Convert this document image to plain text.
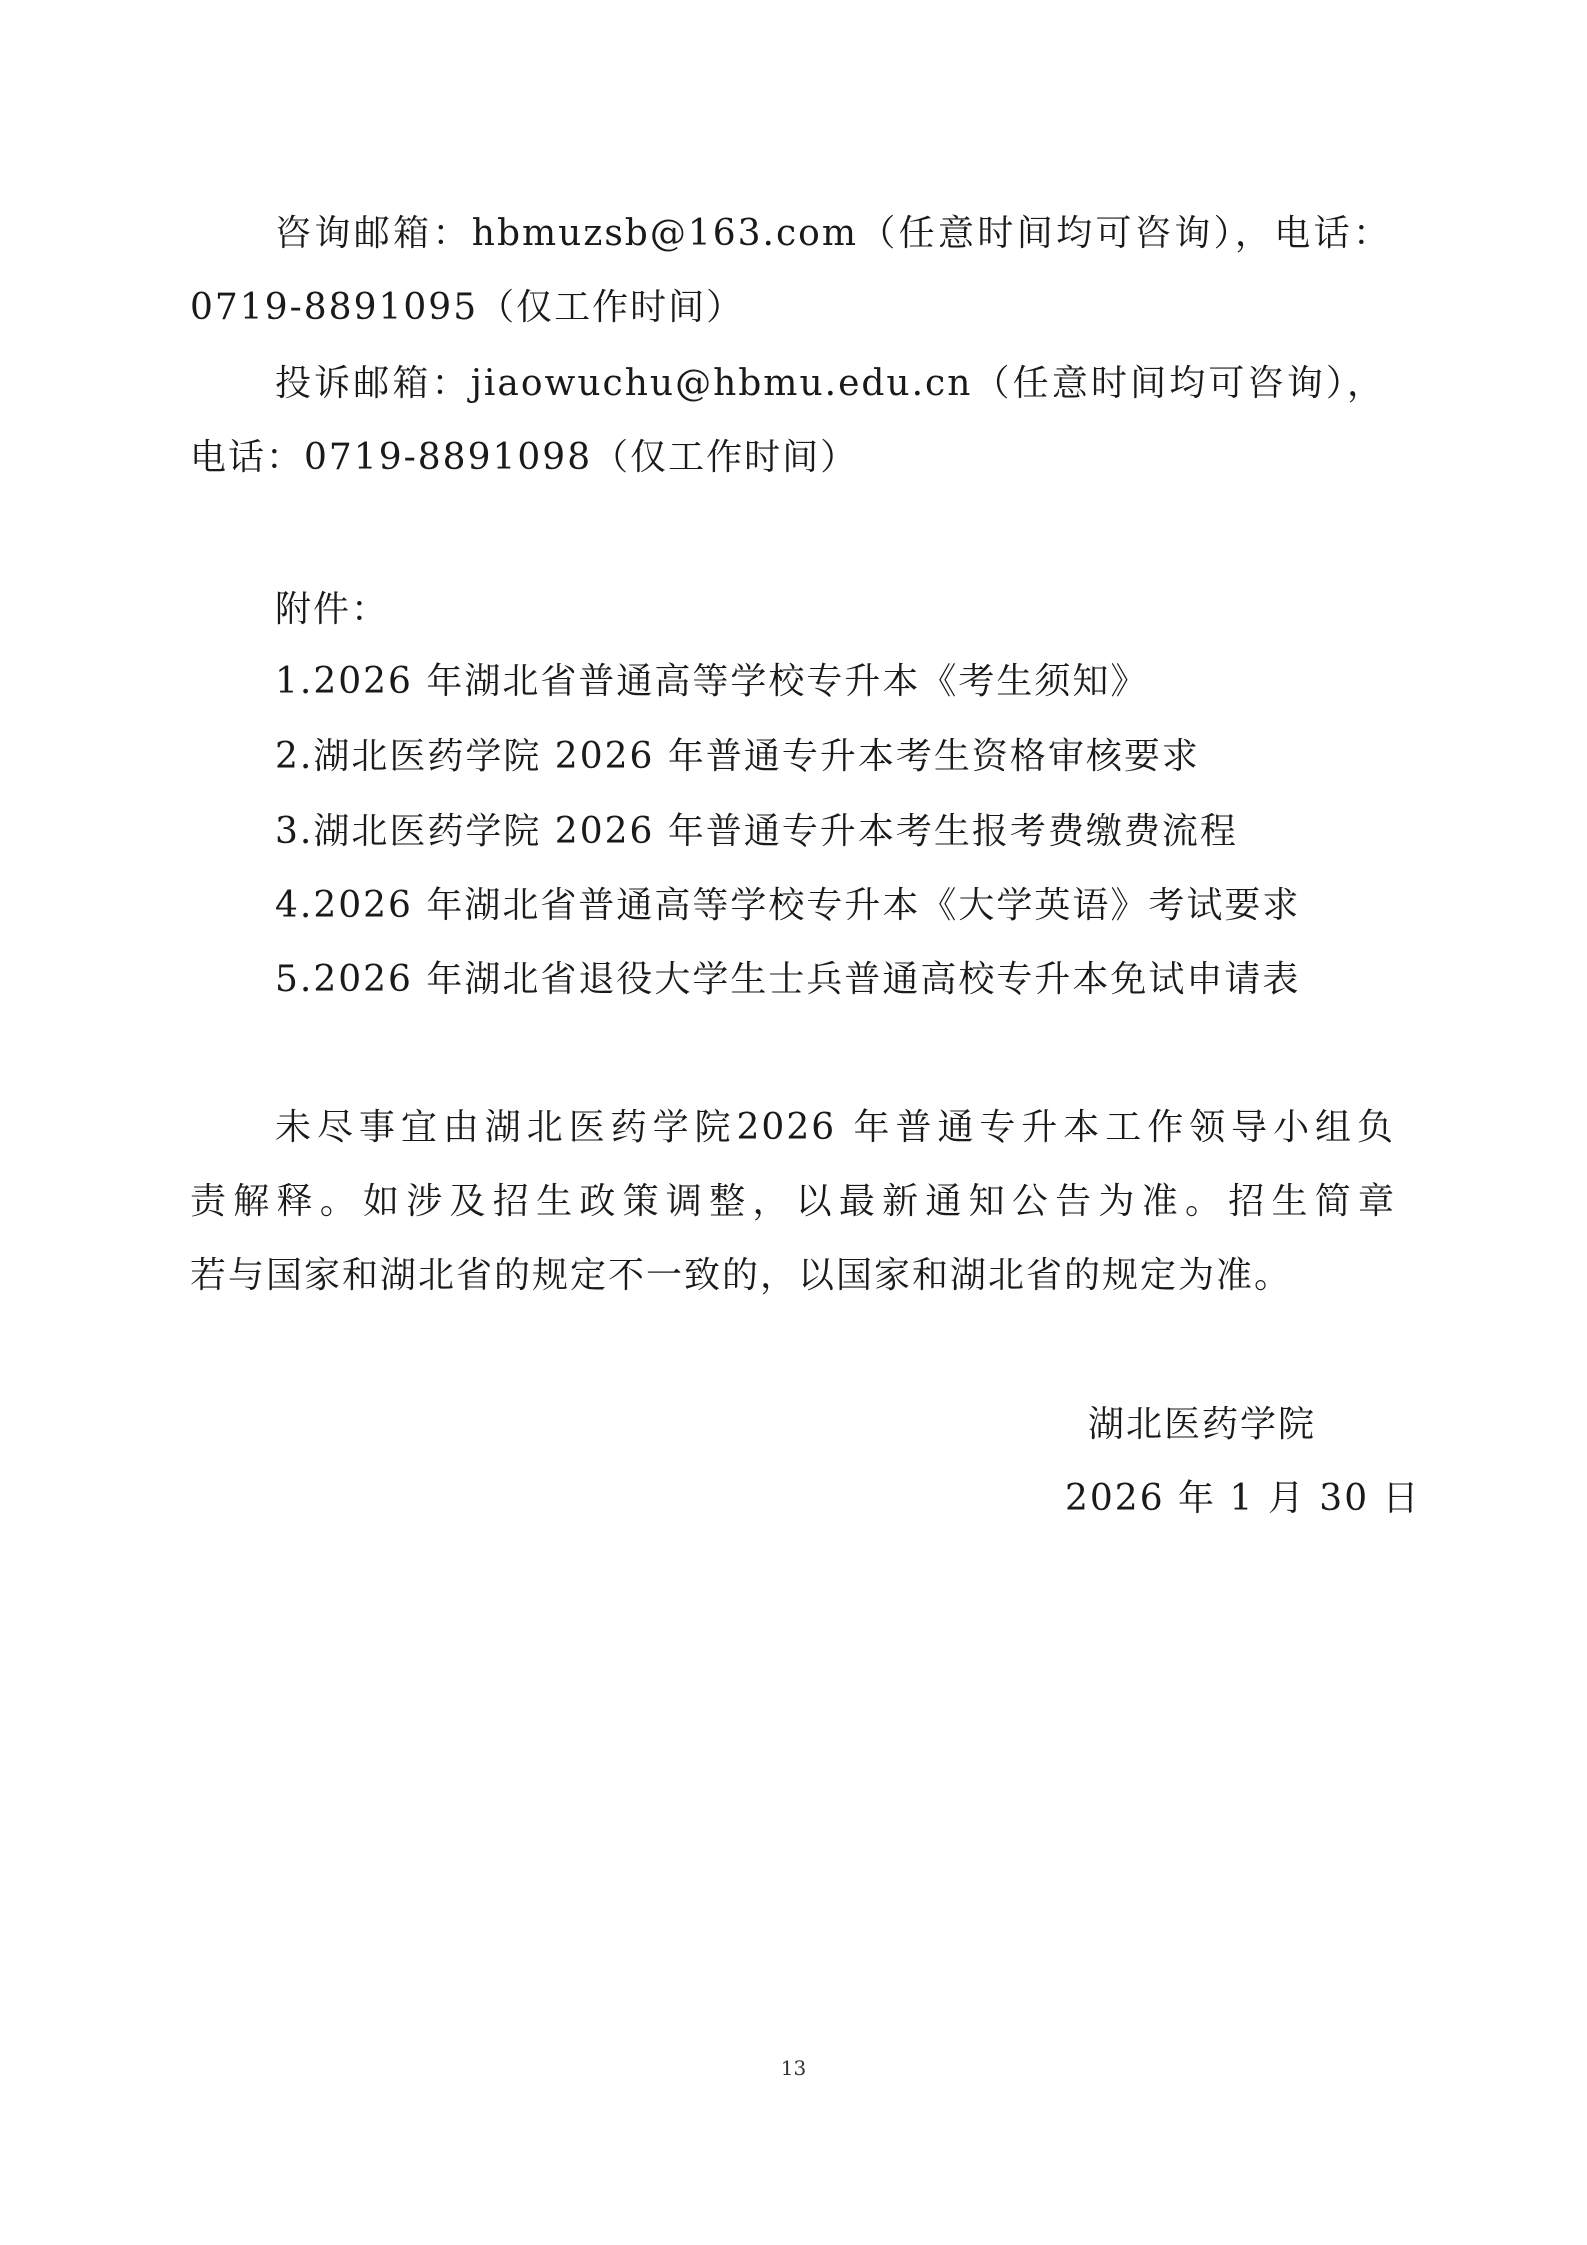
咨询邮箱：hbmuzsb@163.com（任意时间均可咨询），电话：
0719-8891095（仅工作时间）
投诉邮箱：jiaowuchu@hbmu.edu.cn（任意时间均可咨询），
电话：0719-8891098（仅工作时间）
附件：
1.2026 年湖北省普通高等学校专升本《考生须知》
2.湖北医药学院 2026 年普通专升本考生资格审核要求
3.湖北医药学院 2026 年普通专升本考生报考费缴费流程
4.2026 年湖北省普通高等学校专升本《大学英语》考试要求
5.2026 年湖北省退役大学生士兵普通高校专升本免试申请表
未尽事宜由湖北医药学院2026 年普通专升本工作领导小组负
责解释。如涉及招生政策调整，以最新通知公告为准。招生简章
若与国家和湖北省的规定不一致的，以国家和湖北省的规定为准。
湖北医药学院
2026 年 1 月 30 日
13
